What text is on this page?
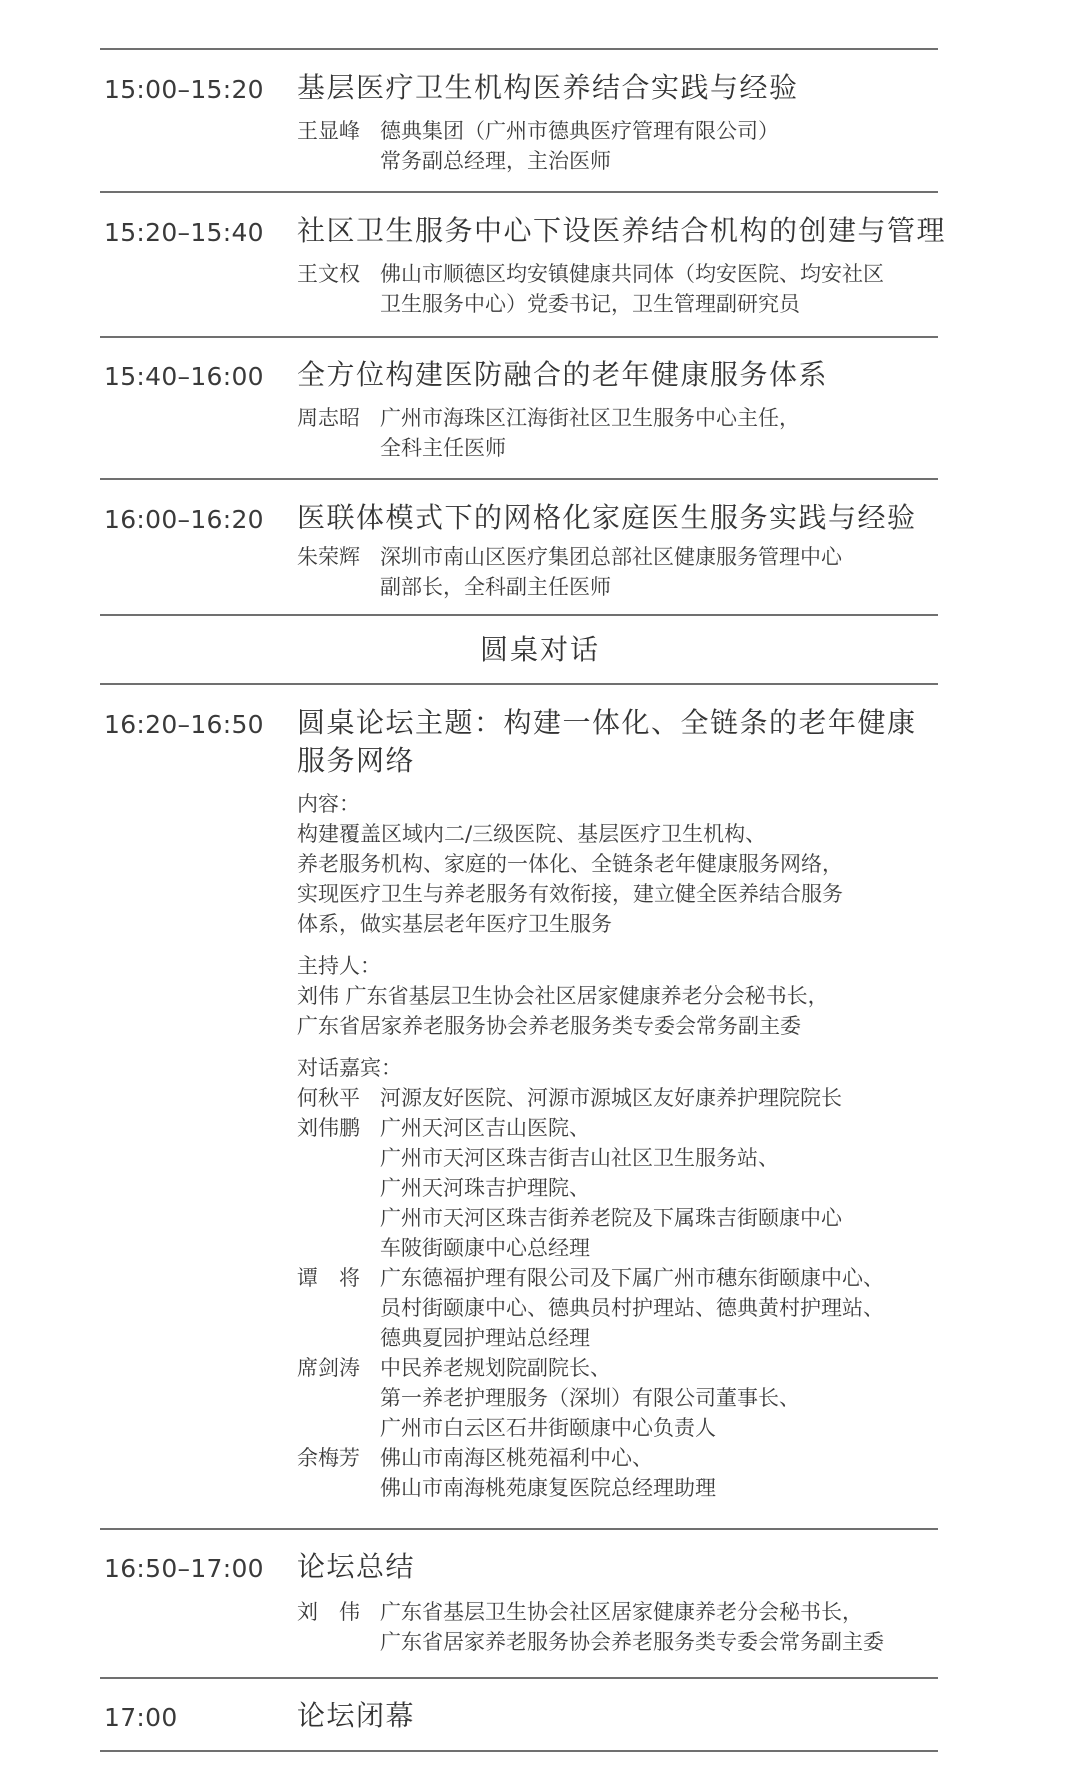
15:00–15:20 基层医疗卫生机构医养结合实践与经验
王显峰 德典集团（广州市德典医疗管理有限公司）
常务副总经理，主治医师
15:20–15:40 社区卫生服务中心下设医养结合机构的创建与管理
王文权 佛山市顺德区均安镇健康共同体（均安医院、均安社区
卫生服务中心）党委书记，卫生管理副研究员
15:40–16:00 全方位构建医防融合的老年健康服务体系
周志昭 广州市海珠区江海街社区卫生服务中心主任，
全科主任医师
16:00–16:20 医联体模式下的网格化家庭医生服务实践与经验
朱荣辉 深圳市南山区医疗集团总部社区健康服务管理中心
副部长，全科副主任医师
圆桌对话
16:20–16:50 圆桌论坛主题：构建一体化、全链条的老年健康
服务网络
内容：
构建覆盖区域内二/三级医院、基层医疗卫生机构、
养老服务机构、家庭的一体化、全链条老年健康服务网络，
实现医疗卫生与养老服务有效衔接，建立健全医养结合服务
体系，做实基层老年医疗卫生服务
主持人：
刘伟 广东省基层卫生协会社区居家健康养老分会秘书长，
广东省居家养老服务协会养老服务类专委会常务副主委
对话嘉宾：
何秋平 河源友好医院、河源市源城区友好康养护理院院长
刘伟鹏 广州天河区吉山医院、
广州市天河区珠吉街吉山社区卫生服务站、
广州天河珠吉护理院、
广州市天河区珠吉街养老院及下属珠吉街颐康中心
车陂街颐康中心总经理
谭　将 广东德福护理有限公司及下属广州市穗东街颐康中心、
员村街颐康中心、德典员村护理站、德典黄村护理站、
德典夏园护理站总经理
席剑涛 中民养老规划院副院长、
第一养老护理服务（深圳）有限公司董事长、
广州市白云区石井街颐康中心负责人
余梅芳 佛山市南海区桃苑福利中心、
佛山市南海桃苑康复医院总经理助理
16:50–17:00 论坛总结
刘　伟 广东省基层卫生协会社区居家健康养老分会秘书长，
广东省居家养老服务协会养老服务类专委会常务副主委
17:00	论坛闭幕
